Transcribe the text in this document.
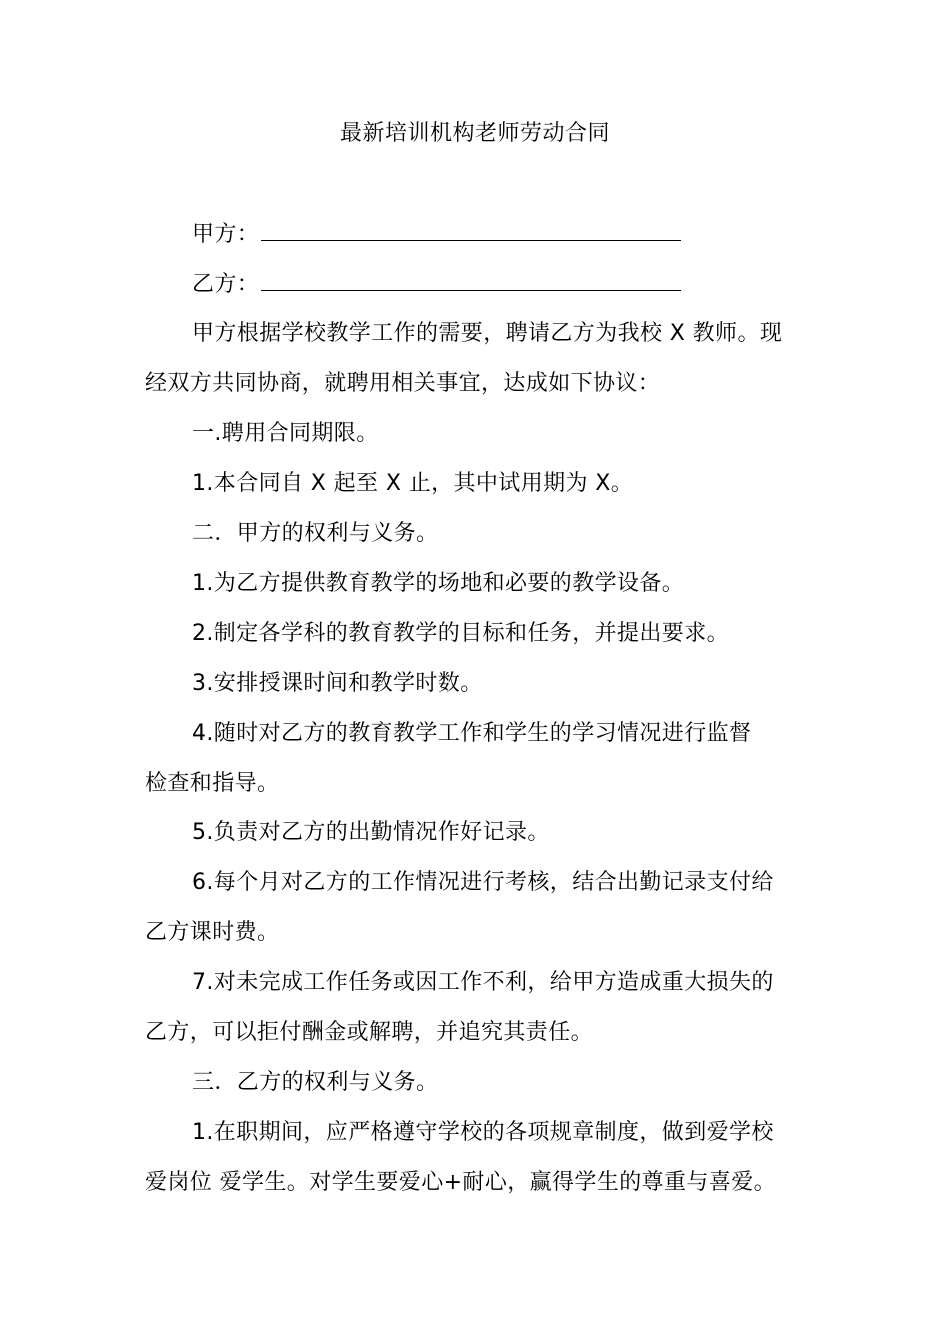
最新培训机构老师劳动合同
甲方：
乙方：
甲方根据学校教学工作的需要，聘请乙方为我校 X 教师。现
经双方共同协商，就聘用相关事宜，达成如下协议：
一.聘用合同期限。
1.本合同自 X 起至 X 止，其中试用期为 X。
二．甲方的权利与义务。
1.为乙方提供教育教学的场地和必要的教学设备。
2.制定各学科的教育教学的目标和任务，并提出要求。
3.安排授课时间和教学时数。
4.随时对乙方的教育教学工作和学生的学习情况进行监督
检查和指导。
5.负责对乙方的出勤情况作好记录。
6.每个月对乙方的工作情况进行考核，结合出勤记录支付给
乙方课时费。
7.对未完成工作任务或因工作不利，给甲方造成重大损失的
乙方，可以拒付酬金或解聘，并追究其责任。
三．乙方的权利与义务。
1.在职期间，应严格遵守学校的各项规章制度，做到爱学校
爱岗位 爱学生。对学生要爱心+耐心，赢得学生的尊重与喜爱。
